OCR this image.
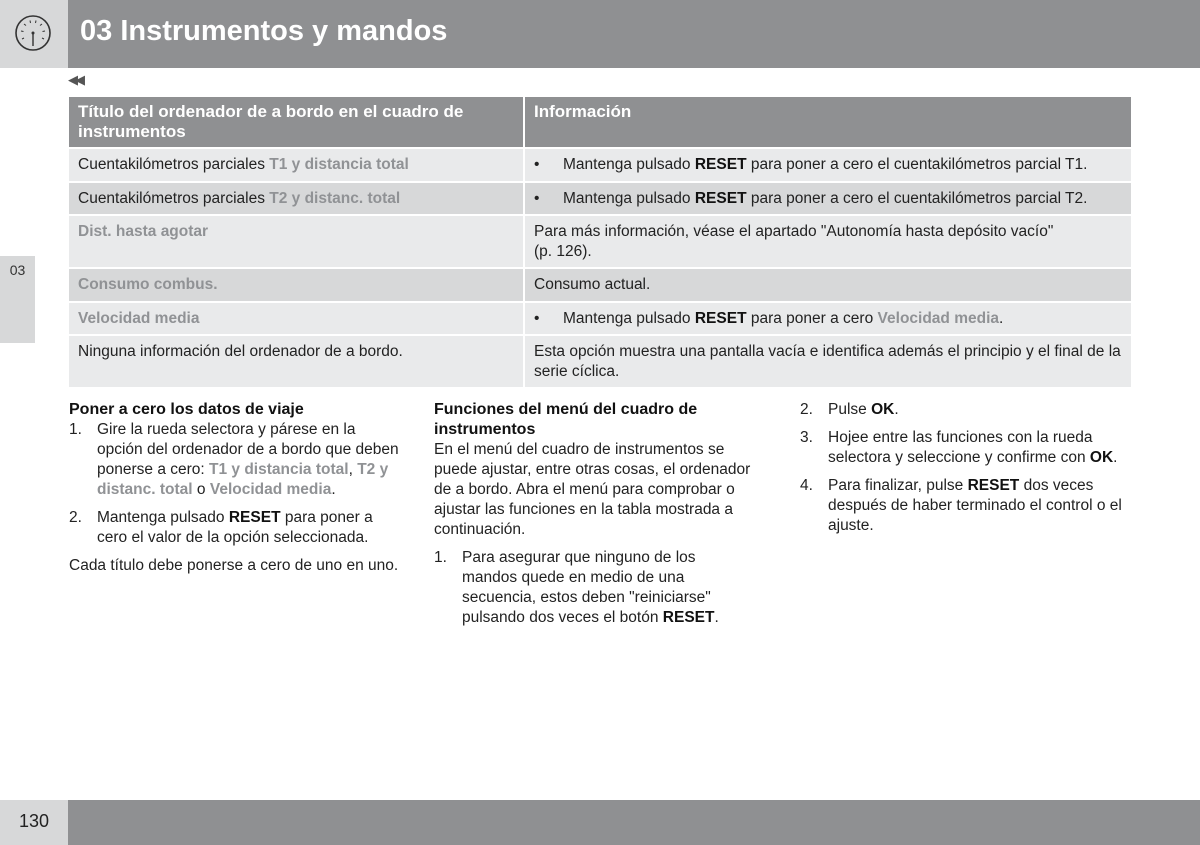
03 Instrumentos y mandos
◀◀
03
Título del ordenador de a bordo en el cuadro de instrumentos	Información
Cuentakilómetros parciales T1 y distancia total	• Mantenga pulsado RESET para poner a cero el cuentakilómetros parcial T1.

Cuentakilómetros parciales T2 y distanc. total	• Mantenga pulsado RESET para poner a cero el cuentakilómetros parcial T2.

Dist. hasta agotar	Para más información, véase el apartado "Autonomía hasta depósito vacío"
(p. 126).

Consumo combus.	Consumo actual.
Velocidad media	• Mantenga pulsado RESET para poner a cero Velocidad media.

Ninguna información del ordenador de a bordo.	Esta opción muestra una pantalla vacía e identifica además el principio y el final de la serie cíclica.
Poner a cero los datos de viaje
1. Gire la rueda selectora y párese en la opción del ordenador de a bordo que deben ponerse a cero: T1 y distancia total, T2 y distanc. total o Velocidad media.
2. Mantenga pulsado RESET para poner a cero el valor de la opción seleccionada.

Cada título debe ponerse a cero de uno en uno.

Funciones del menú del cuadro de instrumentos

En el menú del cuadro de instrumentos se puede ajustar, entre otras cosas, el ordenador de a bordo. Abra el menú para comprobar o ajustar las funciones en la tabla mostrada a continuación.

1. Para asegurar que ninguno de los mandos quede en medio de una secuencia, estos deben "reiniciarse" pulsando dos veces el botón RESET.
2. Pulse OK.
3. Hojee entre las funciones con la rueda selectora y seleccione y confirme con OK.
4. Para finalizar, pulse RESET dos veces después de haber terminado el control o el ajuste.
130
